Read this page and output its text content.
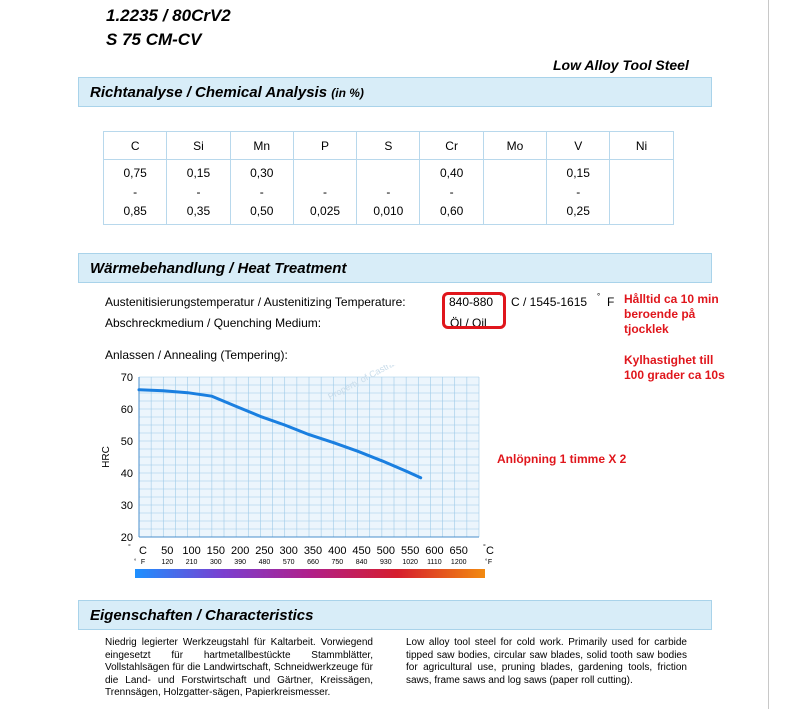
1.2235 / 80CrV2
S 75 CM-CV
Low Alloy Tool Steel
Richtanalyse / Chemical Analysis (in %)
C	Si	Mn	P	S	Cr	Mo	V	Ni
0,75	0,15	0,30			0,40		0,15	
-	-	-	-	-	-		-	
0,85	0,35	0,50	0,025	0,010	0,60		0,25	
Wärmebehandlung / Heat Treatment
Austenitisierungstemperatur / Austenitizing Temperature:	840-880 ° C / 1545-1615 ° F
Abschreckmedium / Quenching Medium:	Öl / Oil
Anlassen / Annealing (Tempering):
Hålltid ca 10 min
beroende på
tjocklek
Kylhastighet till
100 grader ca 10s
Anlöpning 1 timme X 2
70
60
50
40
30
20
HRC
° C
F
°
50
120
100
210
150
300
200
390
250
480
300
570
350
660
400
750
450
840
500
930
550
1020
600
1110
650
1200
° C
° F
Eigenschaften / Characteristics
Niedrig legierter Werkzeugstahl für Kaltarbeit. Vorwiegend eingesetzt für hartmetallbestückte Stammblätter, Vollstahlsägen für die Landwirtschaft, Schneidwerkzeuge für die Land- und Forstwirtschaft und Gärtner, Kreissägen, Trennsägen, Holzgatter-sägen, Papierkreismesser.
Low alloy tool steel for cold work. Primarily used for carbide tipped saw bodies, circular saw blades, solid tooth saw bodies for agricultural use, pruning blades, gardening tools, friction saws, frame saws and log saws (paper roll cutting).
